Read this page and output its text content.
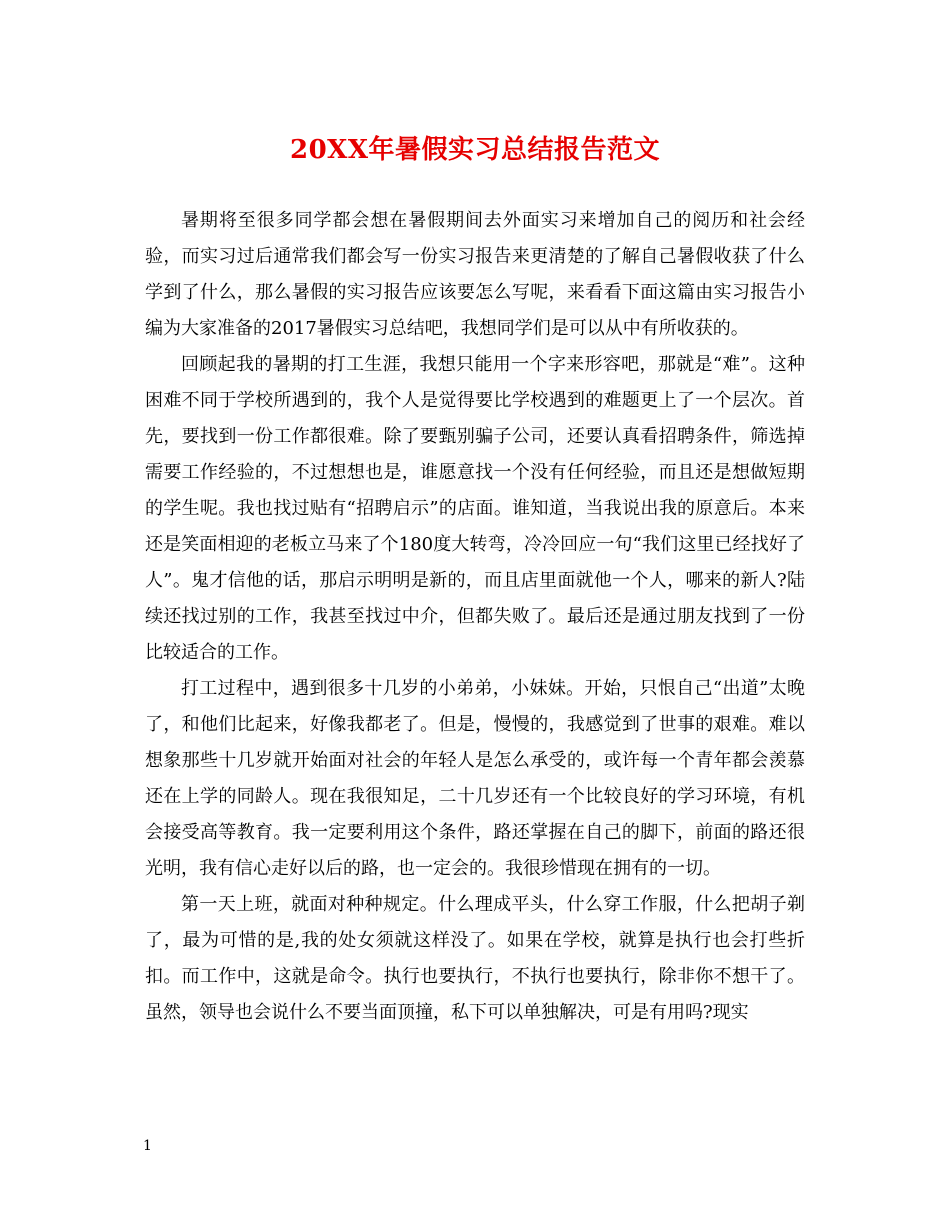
20XX年暑假实习总结报告范文

暑期将至很多同学都会想在暑假期间去外面实习来增加自己的阅历和社会经验，而实习过后通常我们都会写一份实习报告来更清楚的了解自己暑假收获了什么学到了什么，那么暑假的实习报告应该要怎么写呢，来看看下面这篇由实习报告小编为大家准备的2017暑假实习总结吧，我想同学们是可以从中有所收获的。

回顾起我的暑期的打工生涯，我想只能用一个字来形容吧，那就是“难”。这种困难不同于学校所遇到的，我个人是觉得要比学校遇到的难题更上了一个层次。首先，要找到一份工作都很难。除了要甄别骗子公司，还要认真看招聘条件，筛选掉需要工作经验的，不过想想也是，谁愿意找一个没有任何经验，而且还是想做短期的学生呢。我也找过贴有“招聘启示”的店面。谁知道，当我说出我的原意后。本来还是笑面相迎的老板立马来了个180度大转弯，冷冷回应一句“我们这里已经找好了人”。鬼才信他的话，那启示明明是新的，而且店里面就他一个人，哪来的新人?陆续还找过别的工作，我甚至找过中介，但都失败了。最后还是通过朋友找到了一份比较适合的工作。

打工过程中，遇到很多十几岁的小弟弟，小妹妹。开始，只恨自己“出道”太晚了，和他们比起来，好像我都老了。但是，慢慢的，我感觉到了世事的艰难。难以想象那些十几岁就开始面对社会的年轻人是怎么承受的，或许每一个青年都会羡慕还在上学的同龄人。现在我很知足，二十几岁还有一个比较良好的学习环境，有机会接受高等教育。我一定要利用这个条件，路还掌握在自己的脚下，前面的路还很光明，我有信心走好以后的路，也一定会的。我很珍惜现在拥有的一切。

第一天上班，就面对种种规定。什么理成平头，什么穿工作服，什么把胡子剃了，最为可惜的是,我的处女须就这样没了。如果在学校，就算是执行也会打些折扣。而工作中，这就是命令。执行也要执行，不执行也要执行，除非你不想干了。虽然，领导也会说什么不要当面顶撞，私下可以单独解决，可是有用吗?现实

1
